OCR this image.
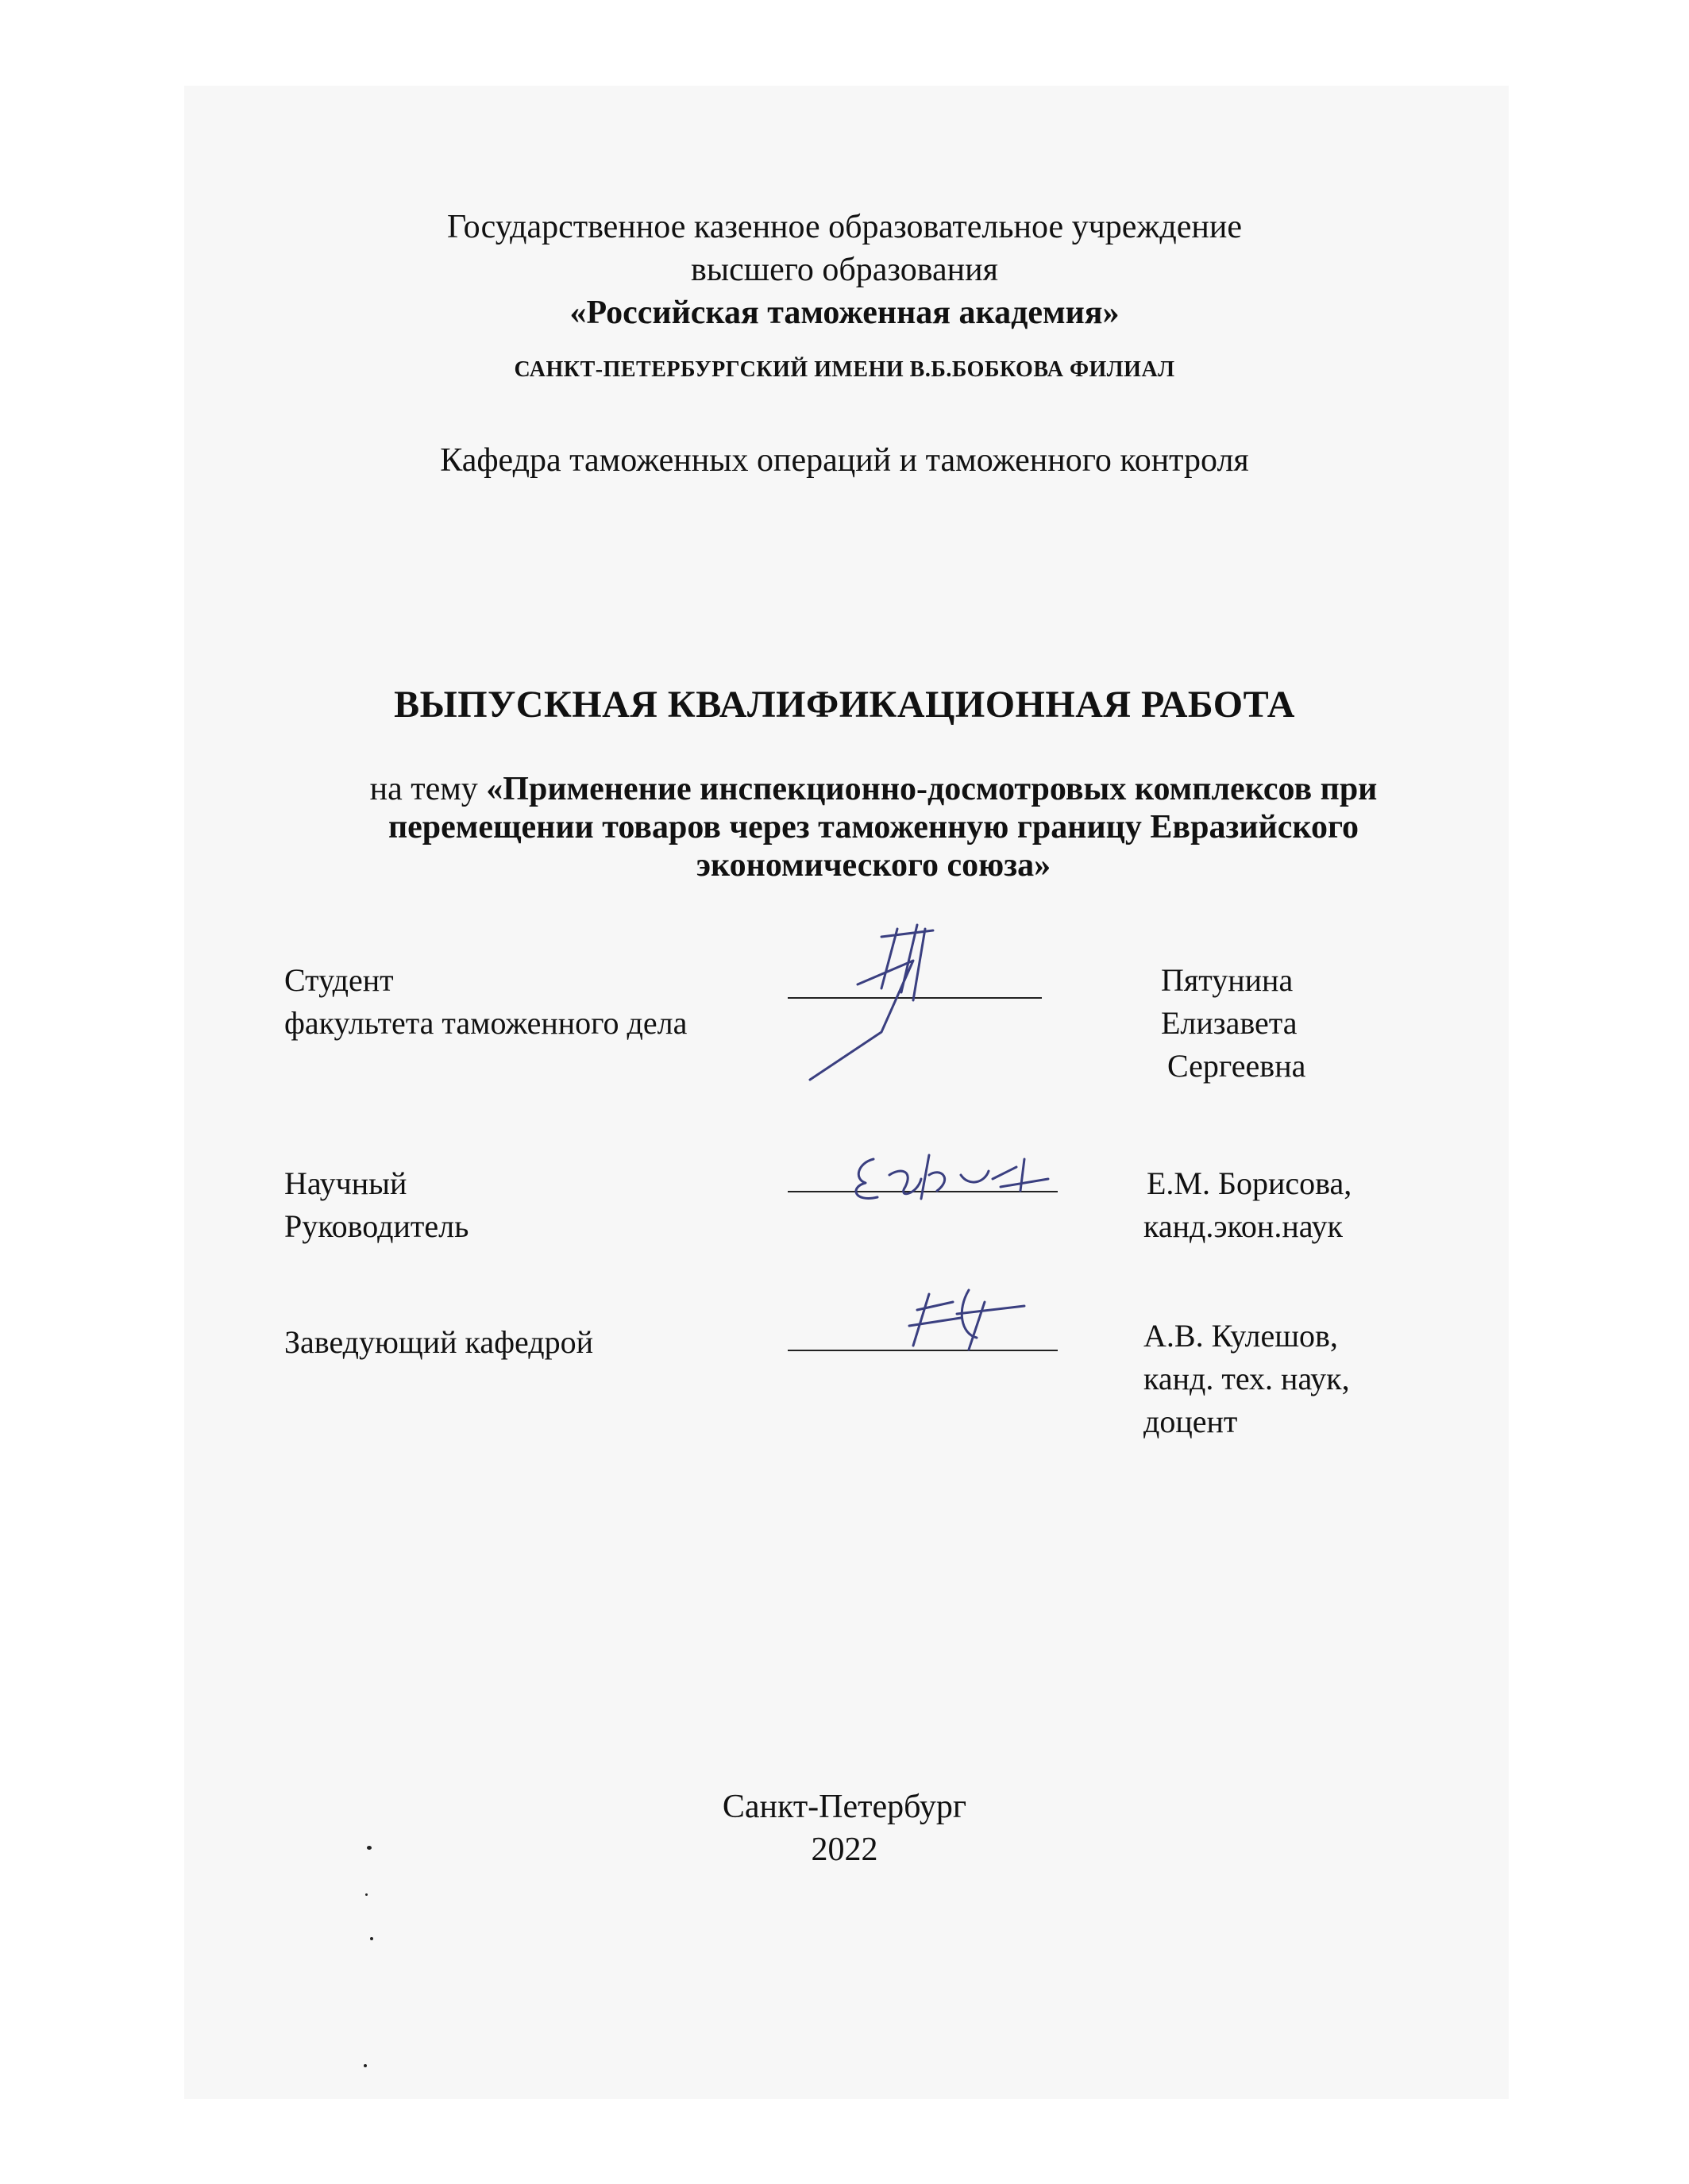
Государственное казенное образовательное учреждение
высшего образования
«Российская таможенная академия»
САНКТ-ПЕТЕРБУРГСКИЙ ИМЕНИ В.Б.БОБКОВА ФИЛИАЛ
Кафедра таможенных операций и таможенного контроля
ВЫПУСКНАЯ КВАЛИФИКАЦИОННАЯ РАБОТА
на тему «Применение инспекционно-досмотровых комплексов при перемещении товаров через таможенную границу Евразийского экономического союза»
Студент
факультета таможенного дела
Пятунина
Елизавета
Сергеевна
Научный
Руководитель
Е.М. Борисова,
канд.экон.наук
Заведующий кафедрой	А.В. Кулешов,
канд. тех. наук,
доцент
Санкт-Петербург
2022
